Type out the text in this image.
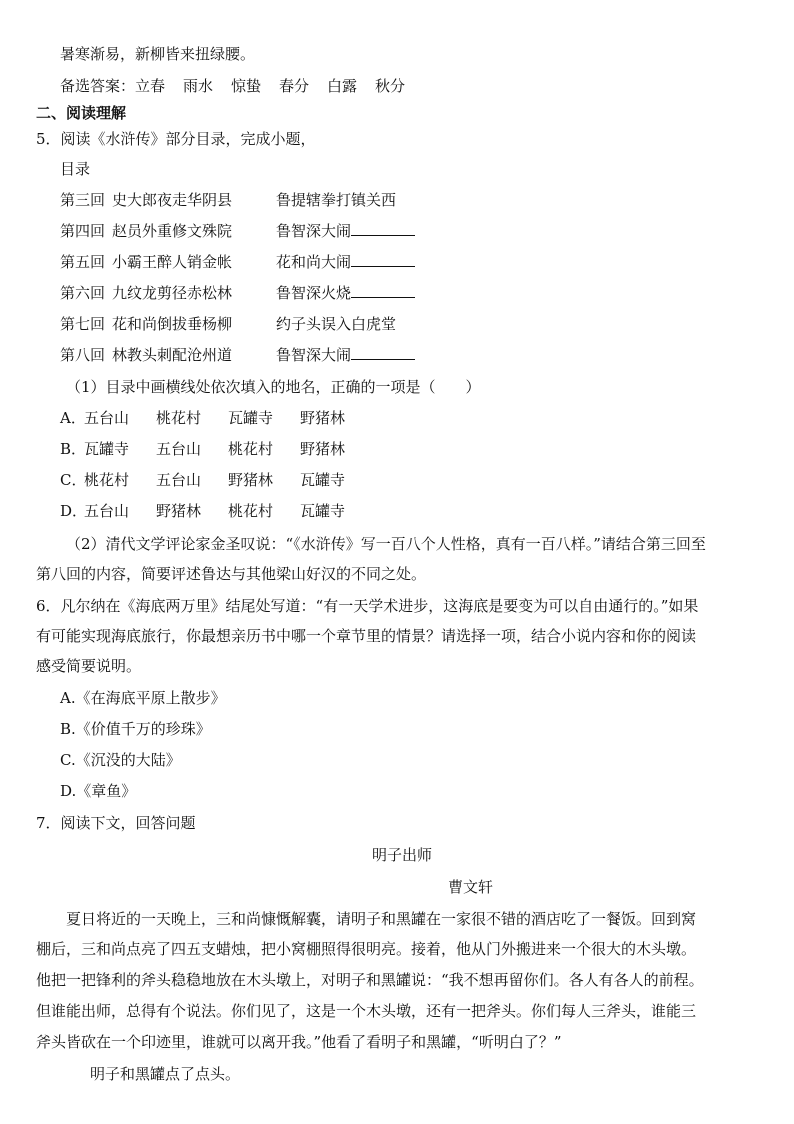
暑寒渐易，新柳皆来扭绿腰。
备选答案：立春 雨水 惊蛰 春分 白露 秋分
二、阅读理解
5．阅读《水浒传》部分目录，完成小题，
目录
第三回 史大郎夜走华阴县	鲁提辖拳打镇关西
第四回 赵员外重修文殊院	鲁智深大闹
第五回 小霸王醉人销金帐	花和尚大闹
第六回 九纹龙剪径赤松林	鲁智深火烧
第七回 花和尚倒拔垂杨柳	约子头误入白虎堂
第八回 林教头刺配沧州道	鲁智深大闹
（1）目录中画横线处依次填入的地名，正确的一项是（　　）
A．五台山 桃花村 瓦罐寺 野猪林
B．瓦罐寺 五台山 桃花村 野猪林
C．桃花村 五台山 野猪林 瓦罐寺
D．五台山 野猪林 桃花村 瓦罐寺
（2）清代文学评论家金圣叹说：“《水浒传》写一百八个人性格，真有一百八样。”请结合第三回至
第八回的内容，简要评述鲁达与其他梁山好汉的不同之处。
6．凡尔纳在《海底两万里》结尾处写道：“有一天学术进步，这海底是要变为可以自由通行的。”如果
有可能实现海底旅行，你最想亲历书中哪一个章节里的情景？请选择一项，结合小说内容和你的阅读
感受简要说明。
A.《在海底平原上散步》
B.《价值千万的珍珠》
C.《沉没的大陆》
D.《章鱼》
7．阅读下文，回答问题
明子出师
曹文轩
夏日将近的一天晚上，三和尚慷慨解囊，请明子和黑罐在一家很不错的酒店吃了一餐饭。回到窝
棚后，三和尚点亮了四五支蜡烛，把小窝棚照得很明亮。接着，他从门外搬进来一个很大的木头墩。
他把一把锋利的斧头稳稳地放在木头墩上，对明子和黑罐说：“我不想再留你们。各人有各人的前程。
但谁能出师，总得有个说法。你们见了，这是一个木头墩，还有一把斧头。你们每人三斧头，谁能三
斧头皆砍在一个印迹里，谁就可以离开我。”他看了看明子和黑罐，“听明白了？”
明子和黑罐点了点头。
